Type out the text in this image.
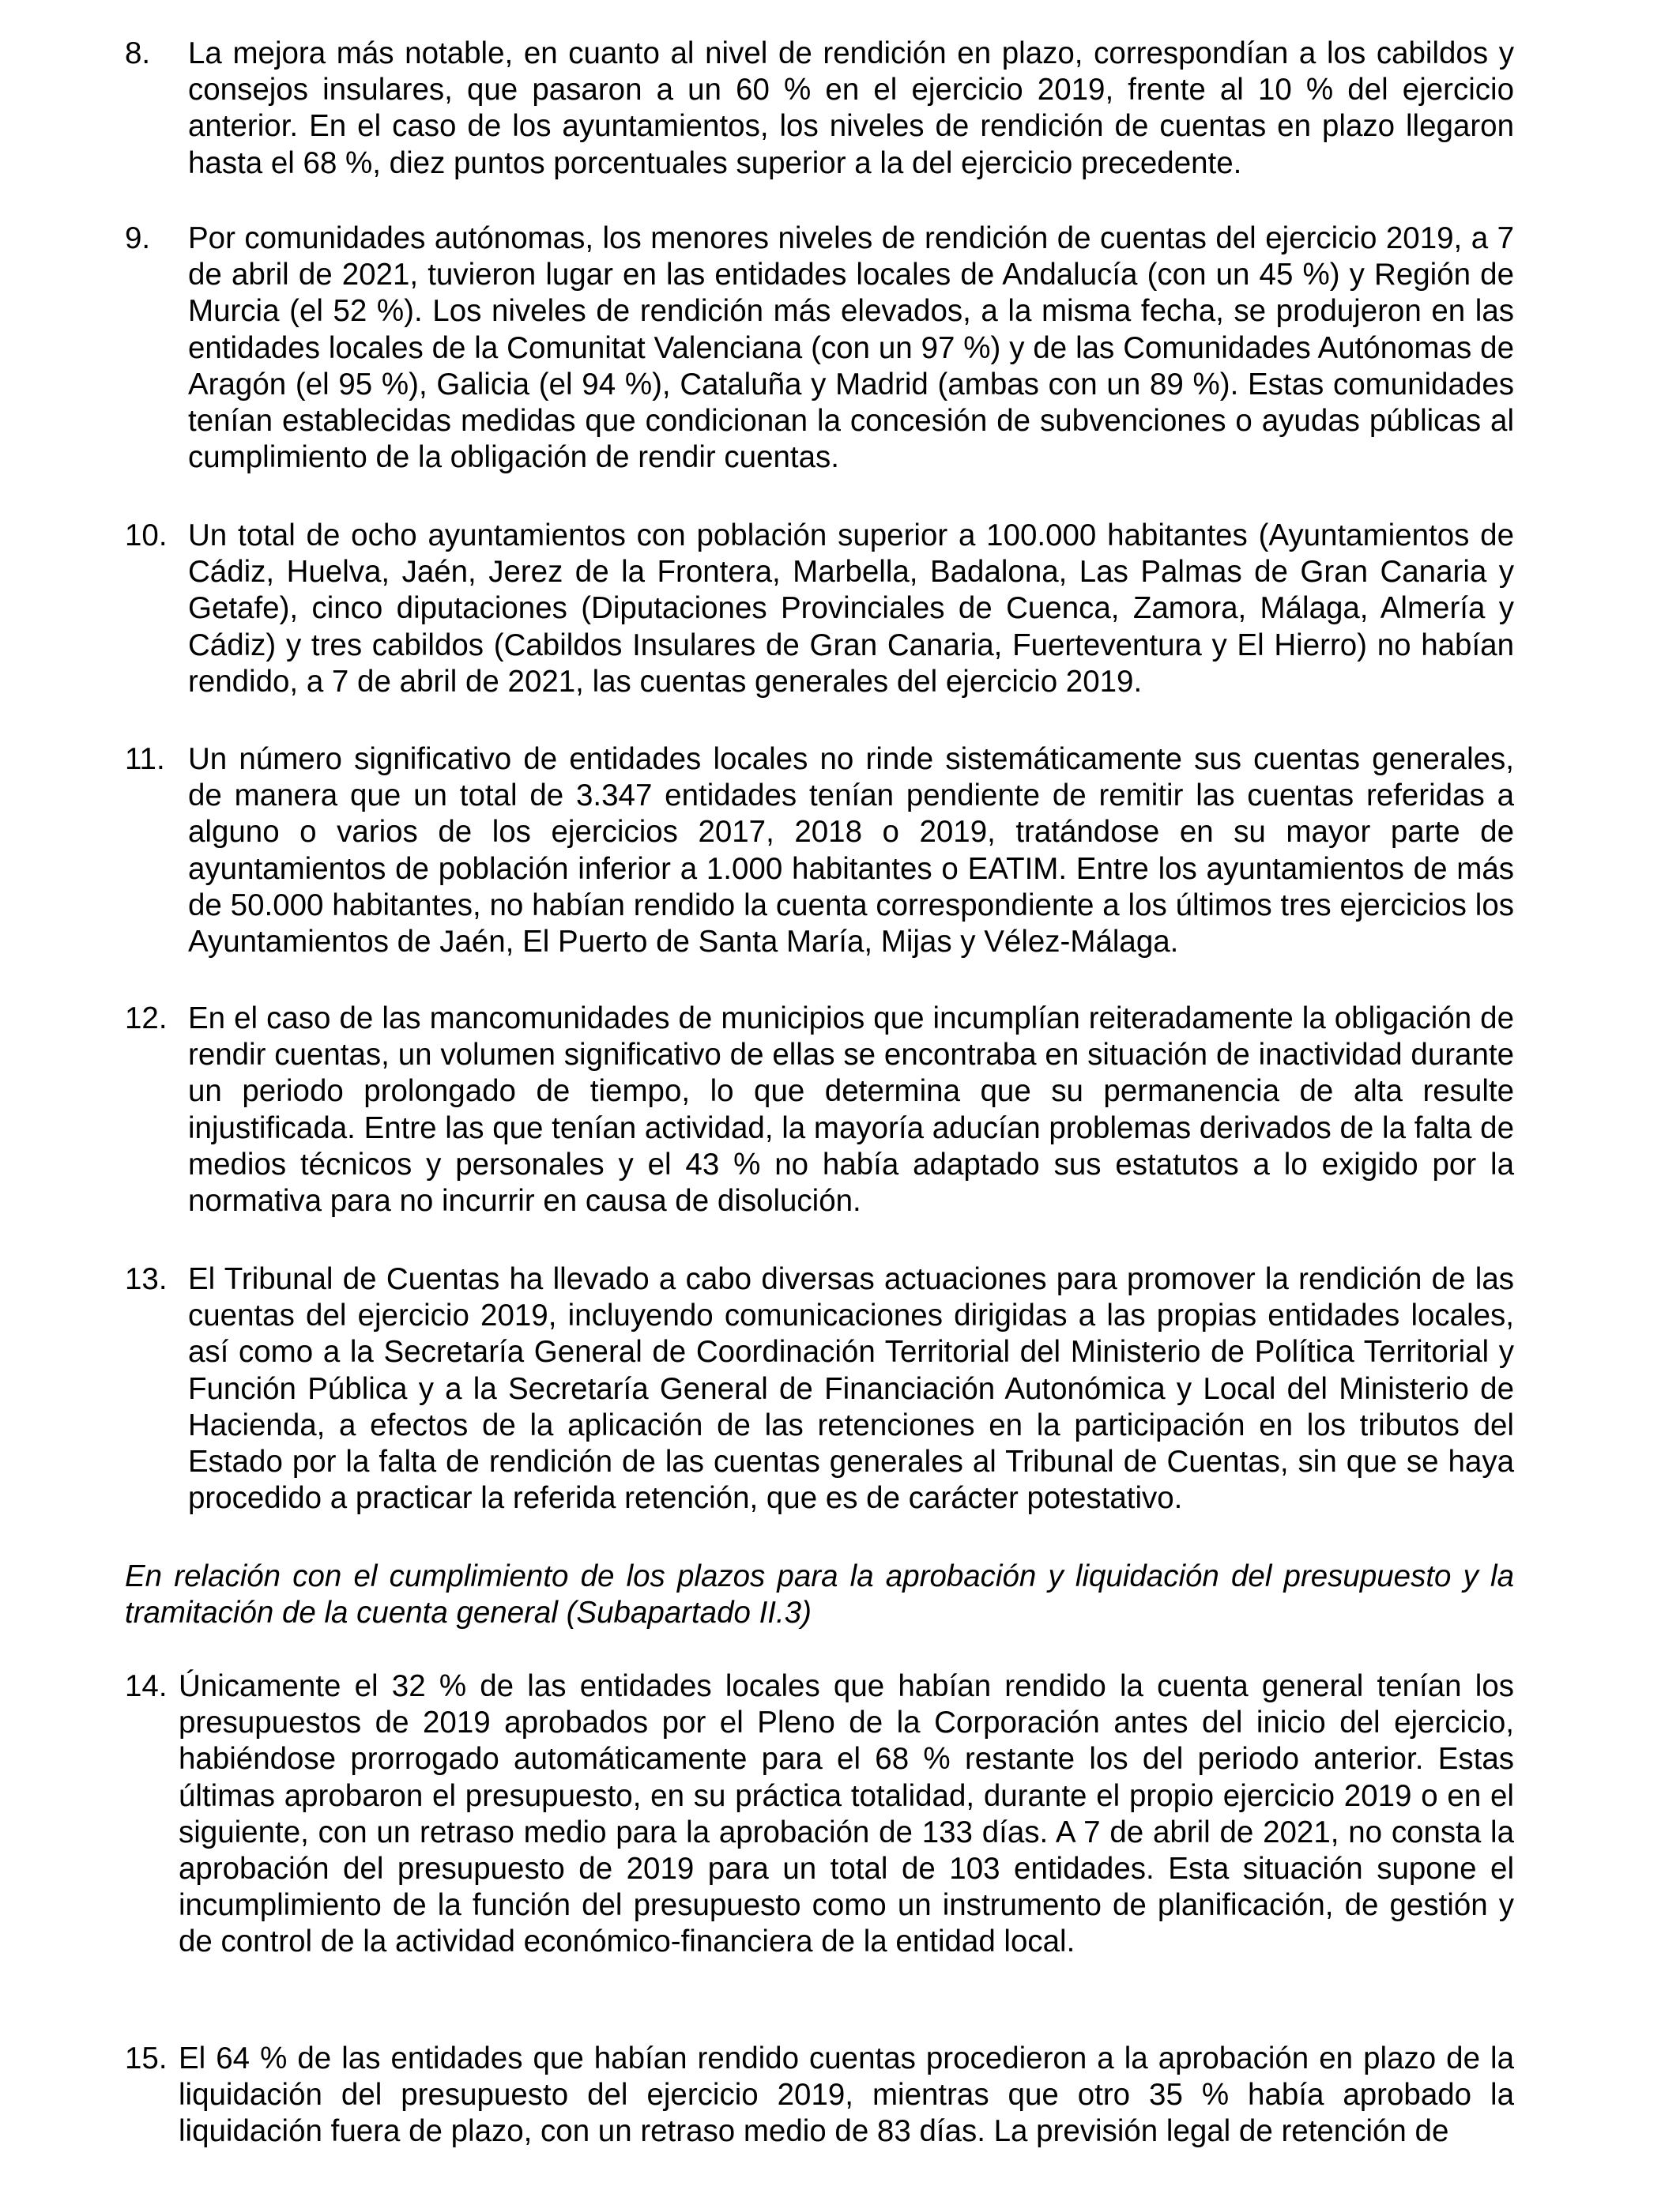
8. La mejora más notable, en cuanto al nivel de rendición en plazo, correspondían a los cabildos y consejos insulares, que pasaron a un 60 % en el ejercicio 2019, frente al 10 % del ejercicio anterior. En el caso de los ayuntamientos, los niveles de rendición de cuentas en plazo llegaron hasta el 68 %, diez puntos porcentuales superior a la del ejercicio precedente.
9. Por comunidades autónomas, los menores niveles de rendición de cuentas del ejercicio 2019, a 7 de abril de 2021, tuvieron lugar en las entidades locales de Andalucía (con un 45 %) y Región de Murcia (el 52 %). Los niveles de rendición más elevados, a la misma fecha, se produjeron en las entidades locales de la Comunitat Valenciana (con un 97 %) y de las Comunidades Autónomas de Aragón (el 95 %), Galicia (el 94 %), Cataluña y Madrid (ambas con un 89 %). Estas comunidades tenían establecidas medidas que condicionan la concesión de subvenciones o ayudas públicas al cumplimiento de la obligación de rendir cuentas.
10. Un total de ocho ayuntamientos con población superior a 100.000 habitantes (Ayuntamientos de Cádiz, Huelva, Jaén, Jerez de la Frontera, Marbella, Badalona, Las Palmas de Gran Canaria y Getafe), cinco diputaciones (Diputaciones Provinciales de Cuenca, Zamora, Málaga, Almería y Cádiz) y tres cabildos (Cabildos Insulares de Gran Canaria, Fuerteventura y El Hierro) no habían rendido, a 7 de abril de 2021, las cuentas generales del ejercicio 2019.
11. Un número significativo de entidades locales no rinde sistemáticamente sus cuentas generales, de manera que un total de 3.347 entidades tenían pendiente de remitir las cuentas referidas a alguno o varios de los ejercicios 2017, 2018 o 2019, tratándose en su mayor parte de ayuntamientos de población inferior a 1.000 habitantes o EATIM. Entre los ayuntamientos de más de 50.000 habitantes, no habían rendido la cuenta correspondiente a los últimos tres ejercicios los Ayuntamientos de Jaén, El Puerto de Santa María, Mijas y Vélez-Málaga.
12. En el caso de las mancomunidades de municipios que incumplían reiteradamente la obligación de rendir cuentas, un volumen significativo de ellas se encontraba en situación de inactividad durante un periodo prolongado de tiempo, lo que determina que su permanencia de alta resulte injustificada. Entre las que tenían actividad, la mayoría aducían problemas derivados de la falta de medios técnicos y personales y el 43 % no había adaptado sus estatutos a lo exigido por la normativa para no incurrir en causa de disolución.
13. El Tribunal de Cuentas ha llevado a cabo diversas actuaciones para promover la rendición de las cuentas del ejercicio 2019, incluyendo comunicaciones dirigidas a las propias entidades locales, así como a la Secretaría General de Coordinación Territorial del Ministerio de Política Territorial y Función Pública y a la Secretaría General de Financiación Autonómica y Local del Ministerio de Hacienda, a efectos de la aplicación de las retenciones en la participación en los tributos del Estado por la falta de rendición de las cuentas generales al Tribunal de Cuentas, sin que se haya procedido a practicar la referida retención, que es de carácter potestativo.
En relación con el cumplimiento de los plazos para la aprobación y liquidación del presupuesto y la tramitación de la cuenta general (Subapartado II.3)
14. Únicamente el 32 % de las entidades locales que habían rendido la cuenta general tenían los presupuestos de 2019 aprobados por el Pleno de la Corporación antes del inicio del ejercicio, habiéndose prorrogado automáticamente para el 68 % restante los del periodo anterior. Estas últimas aprobaron el presupuesto, en su práctica totalidad, durante el propio ejercicio 2019 o en el siguiente, con un retraso medio para la aprobación de 133 días. A 7 de abril de 2021, no consta la aprobación del presupuesto de 2019 para un total de 103 entidades. Esta situación supone el incumplimiento de la función del presupuesto como un instrumento de planificación, de gestión y de control de la actividad económico-financiera de la entidad local.
15. El 64 % de las entidades que habían rendido cuentas procedieron a la aprobación en plazo de la liquidación del presupuesto del ejercicio 2019, mientras que otro 35 % había aprobado la liquidación fuera de plazo, con un retraso medio de 83 días. La previsión legal de retención de
